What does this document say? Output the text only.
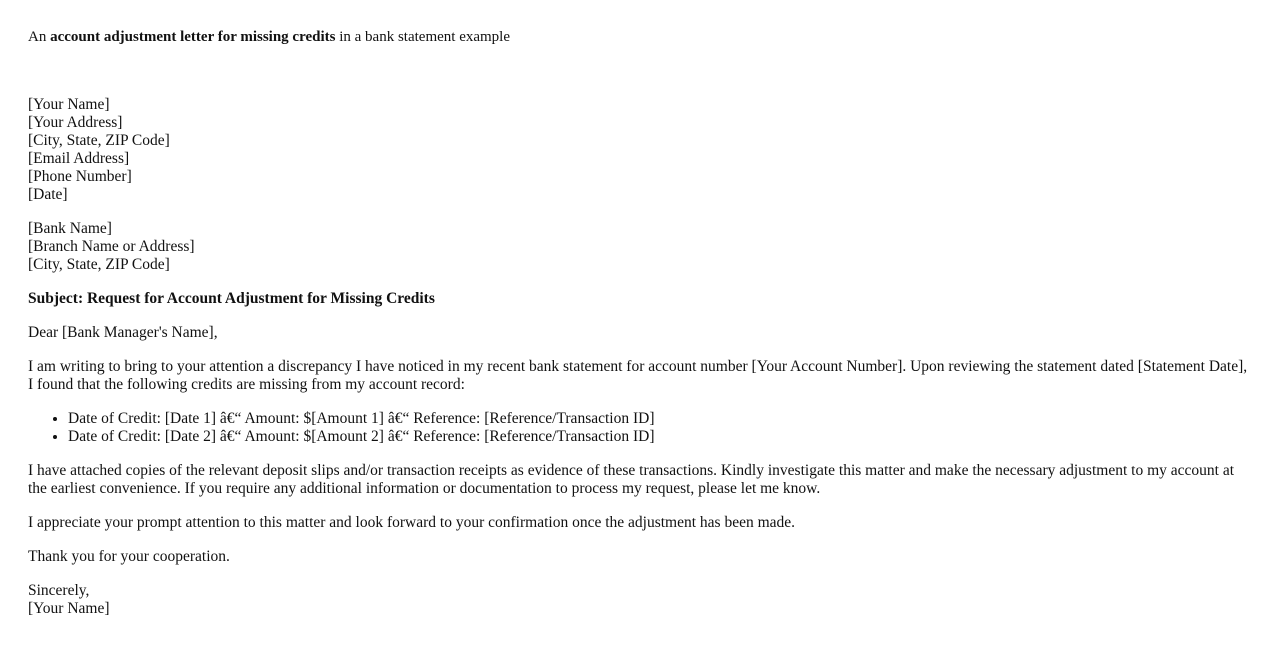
An account adjustment letter for missing credits in a bank statement example

[Your Name]
[Your Address]
[City, State, ZIP Code]
[Email Address]
[Phone Number]
[Date]
[Bank Name]
[Branch Name or Address]
[City, State, ZIP Code]

Subject: Request for Account Adjustment for Missing Credits

Dear [Bank Manager's Name],

I am writing to bring to your attention a discrepancy I have noticed in my recent bank statement for account number [Your Account Number]. Upon reviewing the statement dated [Statement Date], I found that the following credits are missing from my account record:

• Date of Credit: [Date 1] â€“ Amount: $[Amount 1] â€“ Reference: [Reference/Transaction ID]
• Date of Credit: [Date 2] â€“ Amount: $[Amount 2] â€“ Reference: [Reference/Transaction ID]

I have attached copies of the relevant deposit slips and/or transaction receipts as evidence of these transactions. Kindly investigate this matter and make the necessary adjustment to my account at the earliest convenience. If you require any additional information or documentation to process my request, please let me know.

I appreciate your prompt attention to this matter and look forward to your confirmation once the adjustment has been made.

Thank you for your cooperation.

Sincerely,
[Your Name]
